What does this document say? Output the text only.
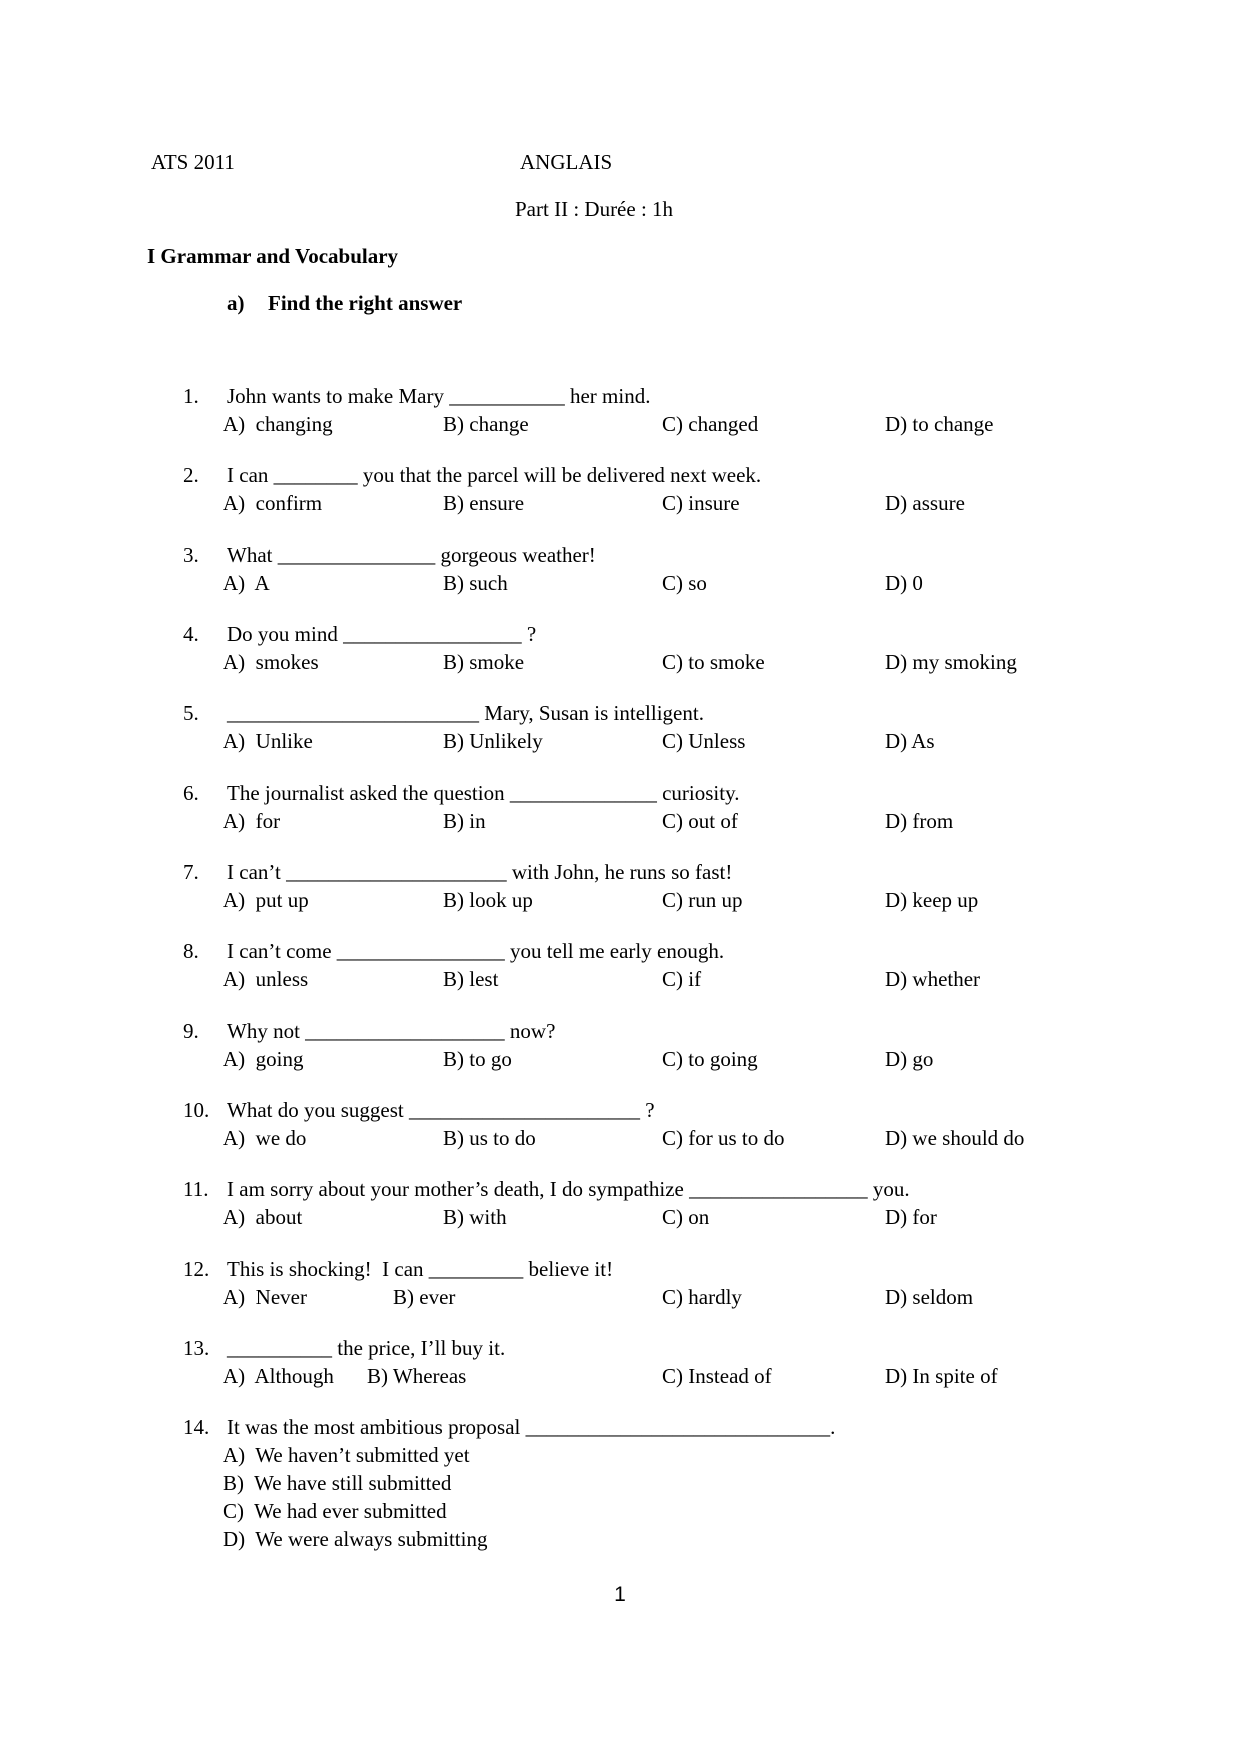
ATS 2011	ANGLAIS
Part II : Durée : 1h
I Grammar and Vocabulary
a)	Find the right answer
1.	John wants to make Mary ___________ her mind.
A)  changing	B) change	C) changed	D) to change
2.	I can ________ you that the parcel will be delivered next week.
A)  confirm	B) ensure	C) insure	D) assure
3.	What _______________ gorgeous weather!
A)  A	B) such	C) so	D) 0
4.	Do you mind _________________ ?
A)  smokes	B) smoke	C) to smoke	D) my smoking
5.	________________________ Mary, Susan is intelligent.
A)  Unlike	B) Unlikely	C) Unless	D) As
6.	The journalist asked the question ______________ curiosity.
A)  for	B) in	C) out of	D) from
7.	I can’t _____________________ with John, he runs so fast!
A)  put up	B) look up	C) run up	D) keep up
8.	I can’t come ________________ you tell me early enough.
A)  unless	B) lest	C) if	D) whether
9.	Why not ___________________ now?
A)  going	B) to go	C) to going	D) go
10. What do you suggest ______________________ ?
A)  we do	B) us to do	C) for us to do	D) we should do
11. I am sorry about your mother’s death, I do sympathize _________________ you.
A)  about	B) with	C) on	D) for
12. This is shocking!  I can _________ believe it!
A)  Never	B) ever	C) hardly	D) seldom
13. __________ the price, I’ll buy it.
A)  Although	B) Whereas	C) Instead of	D) In spite of
14. It was the most ambitious proposal _____________________________.
A)  We haven’t submitted yet
B)  We have still submitted
C)  We had ever submitted
D)  We were always submitting
1
